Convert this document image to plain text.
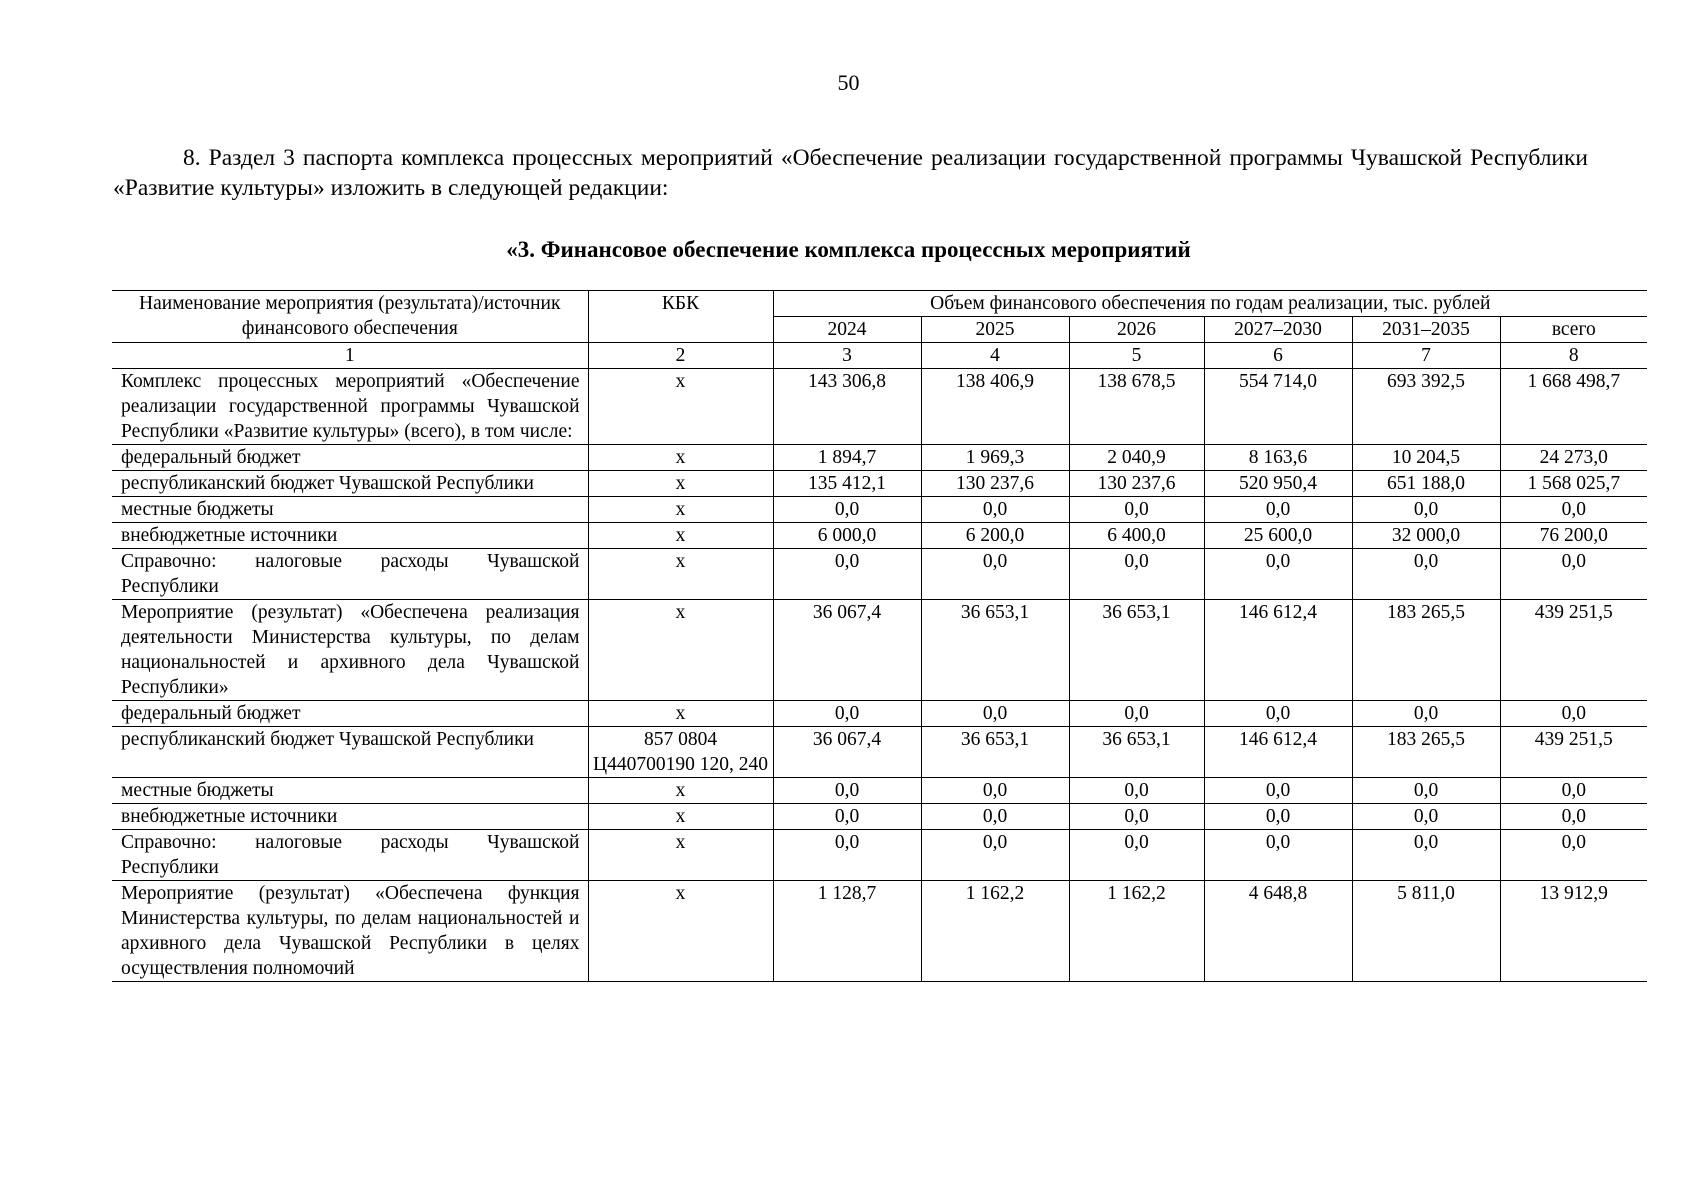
50

8. Раздел 3 паспорта комплекса процессных мероприятий «Обеспечение реализации государственной программы Чувашской Республики «Развитие культуры» изложить в следующей редакции:

«3. Финансовое обеспечение комплекса процессных мероприятий
Наименование мероприятия (результата)/источник финансового обеспечения	КБК	Объем финансового обеспечения по годам реализации, тыс. рублей					
		2024	2025	2026	2027–2030	2031–2035	всего
1	2	3	4	5	6	7	8
Комплекс процессных мероприятий «Обеспечение реализации государственной программы Чувашской Республики «Развитие культуры» (всего), в том числе:	х	143 306,8	138 406,9	138 678,5	554 714,0	693 392,5	1 668 498,7
федеральный бюджет	х	1 894,7	1 969,3	2 040,9	8 163,6	10 204,5	24 273,0
республиканский бюджет Чувашской Республики	х	135 412,1	130 237,6	130 237,6	520 950,4	651 188,0	1 568 025,7
местные бюджеты	х	0,0	0,0	0,0	0,0	0,0	0,0
внебюджетные источники	х	6 000,0	6 200,0	6 400,0	25 600,0	32 000,0	76 200,0
Справочно: налоговые расходы Чувашской Республики	х	0,0	0,0	0,0	0,0	0,0	0,0
Мероприятие (результат) «Обеспечена реализация деятельности Министерства культуры, по делам национальностей и архивного дела Чувашской Республики»	х	36 067,4	36 653,1	36 653,1	146 612,4	183 265,5	439 251,5
федеральный бюджет	х	0,0	0,0	0,0	0,0	0,0	0,0
республиканский бюджет Чувашской Республики	857 0804 Ц440700190 120, 240	36 067,4	36 653,1	36 653,1	146 612,4	183 265,5	439 251,5
местные бюджеты	х	0,0	0,0	0,0	0,0	0,0	0,0
внебюджетные источники	х	0,0	0,0	0,0	0,0	0,0	0,0
Справочно: налоговые расходы Чувашской Республики	х	0,0	0,0	0,0	0,0	0,0	0,0
Мероприятие (результат) «Обеспечена функция Министерства культуры, по делам национальностей и архивного дела Чувашской Республики в целях осуществления полномочий	х	1 128,7	1 162,2	1 162,2	4 648,8	5 811,0	13 912,9
